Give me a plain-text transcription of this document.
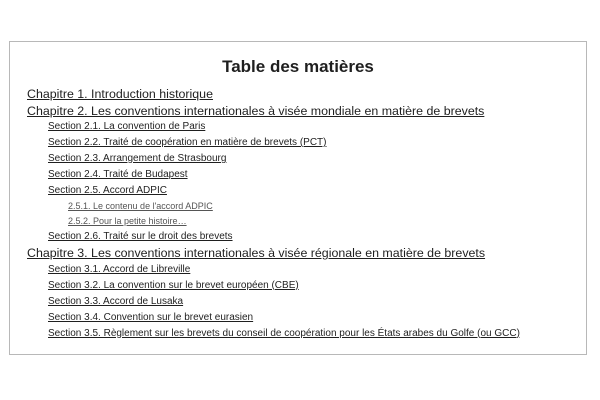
Table des matières
Chapitre 1. Introduction historique
Chapitre 2. Les conventions internationales à visée mondiale en matière de brevets
Section 2.1. La convention de Paris
Section 2.2. Traité de coopération en matière de brevets (PCT)
Section 2.3. Arrangement de Strasbourg
Section 2.4. Traité de Budapest
Section 2.5. Accord ADPIC
2.5.1. Le contenu de l'accord ADPIC
2.5.2. Pour la petite histoire…
Section 2.6. Traité sur le droit des brevets
Chapitre 3. Les conventions internationales à visée régionale en matière de brevets
Section 3.1. Accord de Libreville
Section 3.2. La convention sur le brevet européen (CBE)
Section 3.3. Accord de Lusaka
Section 3.4. Convention sur le brevet eurasien
Section 3.5. Règlement sur les brevets du conseil de coopération pour les États arabes du Golfe (ou GCC)
